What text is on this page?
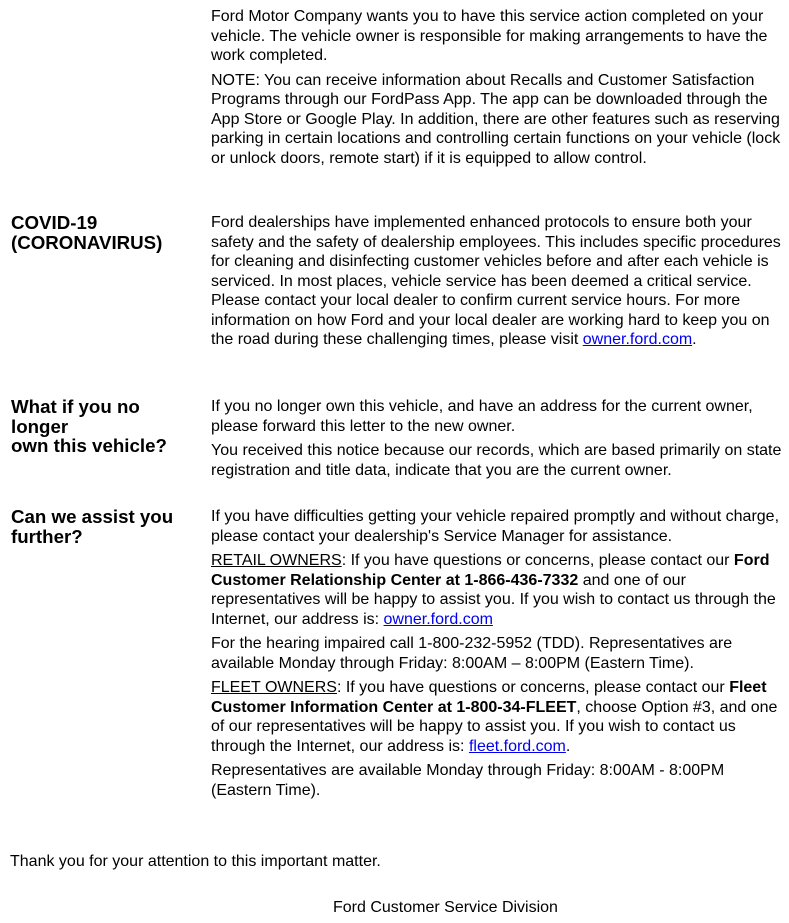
Ford Motor Company wants you to have this service action completed on your vehicle. The vehicle owner is responsible for making arrangements to have the work completed.

NOTE: You can receive information about Recalls and Customer Satisfaction Programs through our FordPass App. The app can be downloaded through the App Store or Google Play. In addition, there are other features such as reserving parking in certain locations and controlling certain functions on your vehicle (lock or unlock doors, remote start) if it is equipped to allow control.

COVID-19
(CORONAVIRUS)

Ford dealerships have implemented enhanced protocols to ensure both your safety and the safety of dealership employees. This includes specific procedures for cleaning and disinfecting customer vehicles before and after each vehicle is serviced. In most places, vehicle service has been deemed a critical service. Please contact your local dealer to confirm current service hours. For more information on how Ford and your local dealer are working hard to keep you on the road during these challenging times, please visit owner.ford.com.

What if you no longer
own this vehicle?

If you no longer own this vehicle, and have an address for the current owner, please forward this letter to the new owner.

You received this notice because our records, which are based primarily on state registration and title data, indicate that you are the current owner.

Can we assist you
further?

If you have difficulties getting your vehicle repaired promptly and without charge, please contact your dealership's Service Manager for assistance.

RETAIL OWNERS: If you have questions or concerns, please contact our Ford Customer Relationship Center at 1-866-436-7332 and one of our representatives will be happy to assist you. If you wish to contact us through the Internet, our address is: owner.ford.com

For the hearing impaired call 1-800-232-5952 (TDD). Representatives are available Monday through Friday: 8:00AM – 8:00PM (Eastern Time).

FLEET OWNERS: If you have questions or concerns, please contact our Fleet Customer Information Center at 1-800-34-FLEET, choose Option #3, and one of our representatives will be happy to assist you. If you wish to contact us through the Internet, our address is: fleet.ford.com.

Representatives are available Monday through Friday: 8:00AM - 8:00PM (Eastern Time).

Thank you for your attention to this important matter.

Ford Customer Service Division
